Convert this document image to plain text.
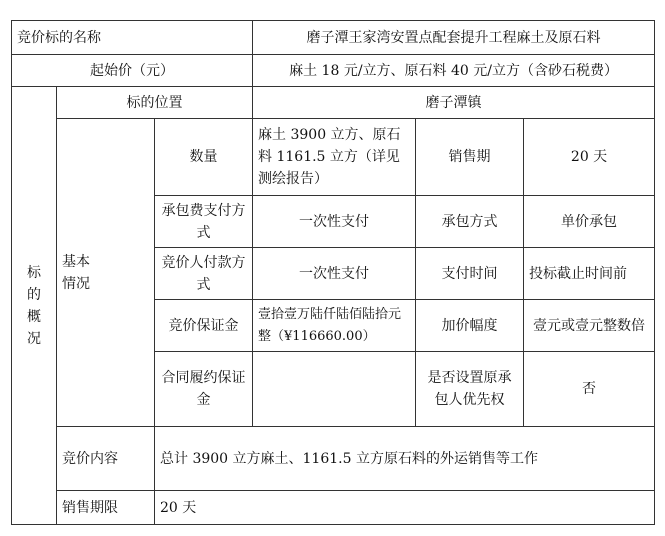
竞价标的名称			磨子潭王家湾安置点配套提升工程麻土及原石料		
起始价（元）			麻土 18 元/立方、原石料 40 元/立方（含砂石税费）		
标
的
概
况	标的位置		磨子潭镇		
	基本
情况	数量	麻土 3900 立方、原石料 1161.5 立方（详见测绘报告）	销售期	20 天
		承包费支付方式	一次性支付	承包方式	单价承包
		竞价人付款方式	一次性支付	支付时间	投标截止时间前
		竞价保证金	壹拾壹万陆仟陆佰陆拾元整（¥116660.00）	加价幅度	壹元或壹元整数倍
		合同履约保证金		是否设置原承包人优先权	否
	竞价内容	总计 3900 立方麻土、1161.5 立方原石料的外运销售等工作			
	销售期限	20 天			
